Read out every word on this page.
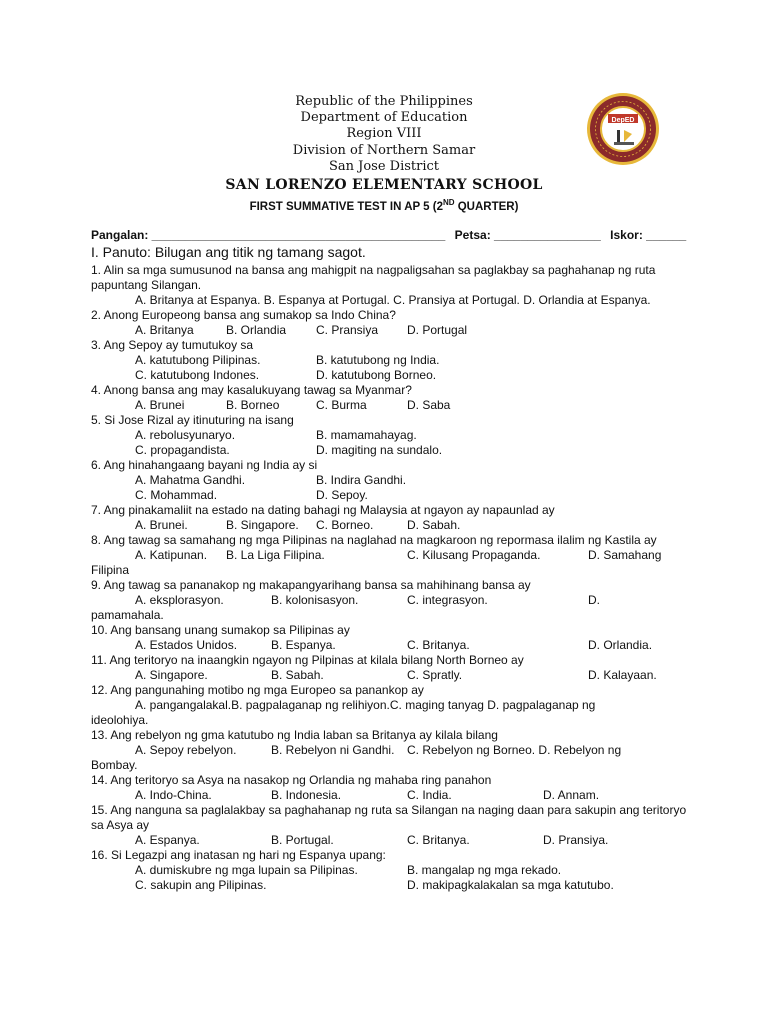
Republic of the Philippines
Department of Education
Region VIII
Division of Northern Samar
San Jose District
SAN LORENZO ELEMENTARY SCHOOL
FIRST SUMMATIVE TEST IN AP 5 (2ND QUARTER)
DepED
Pangalan: ____________________________________________ Petsa: ________________ Iskor: ______
I. Panuto: Bilugan ang titik ng tamang sagot.

1. Alin sa mga sumusunod na bansa ang mahigpit na nagpaligsahan sa paglakbay sa paghahanap ng ruta papuntang Silangan.

A. Britanya at Espanya. B. Espanya at Portugal. C. Pransiya at Portugal. D. Orlandia at Espanya.

2. Anong Europeong bansa ang sumakop sa Indo China?

A. Britanya	B. Orlandia C. Pransiya D. Portugal

3. Ang Sepoy ay tumutukoy sa

A. katutubong Pilipinas.	B. katutubong ng India.
C. katutubong Indones.	D. katutubong Borneo.

4. Anong bansa ang may kasalukuyang tawag sa Myanmar?

A. Brunei	B. Borneo	C. Burma	D. Saba

5. Si Jose Rizal ay itinuturing na isang

A. rebolusyunaryo.	B. mamamahayag.
C. propagandista.	D. magiting na sundalo.

6. Ang hinahangaang bayani ng India ay si

A. Mahatma Gandhi.	B. Indira Gandhi.
C. Mohammad.	D. Sepoy.

7. Ang pinakamaliit na estado na dating bahagi ng Malaysia at ngayon ay napaunlad ay

A. Brunei.	B. Singapore. C. Borneo.	D. Sabah.

8. Ang tawag sa samahang ng mga Pilipinas na naglahad na magkaroon ng repormasa ilalim ng Kastila ay

A. Katipunan. B. La Liga Filipina.	C. Kilusang Propaganda.	D. Samahang

Filipina

9. Ang tawag sa pananakop ng makapangyarihang bansa sa mahihinang bansa ay

A. eksplorasyon.	B. kolonisasyon.	C. integrasyon.	D.

pamamahala.

10. Ang bansang unang sumakop sa Pilipinas ay

A. Estados Unidos.	B. Espanya.	C. Britanya.	D. Orlandia.

11. Ang teritoryo na inaangkin ngayon ng Pilpinas at kilala bilang North Borneo ay

A. Singapore.	B. Sabah.	C. Spratly.	D. Kalayaan.

12. Ang pangunahing motibo ng mga Europeo sa panankop ay

A. pangangalakal.B. pagpalaganap ng relihiyon.C. maging tanyag D. pagpalaganap ng

ideolohiya.

13. Ang rebelyon ng gma katutubo ng India laban sa Britanya ay kilala bilang

A. Sepoy rebelyon.	B. Rebelyon ni Gandhi. C. Rebelyon ng Borneo. D. Rebelyon ng

Bombay.

14. Ang teritoryo sa Asya na nasakop ng Orlandia ng mahaba ring panahon

A. Indo-China.	B. Indonesia.	C. India.	D. Annam.

15. Ang nanguna sa paglalakbay sa paghahanap ng ruta sa Silangan na naging daan para sakupin ang teritoryo sa Asya ay

A. Espanya.	B. Portugal.	C. Britanya.	D. Pransiya.

16. Si Legazpi ang inatasan ng hari ng Espanya upang:

A. dumiskubre ng mga lupain sa Pilipinas.	B. mangalap ng mga rekado.
C. sakupin ang Pilipinas.	D. makipagkalakalan sa mga katutubo.
